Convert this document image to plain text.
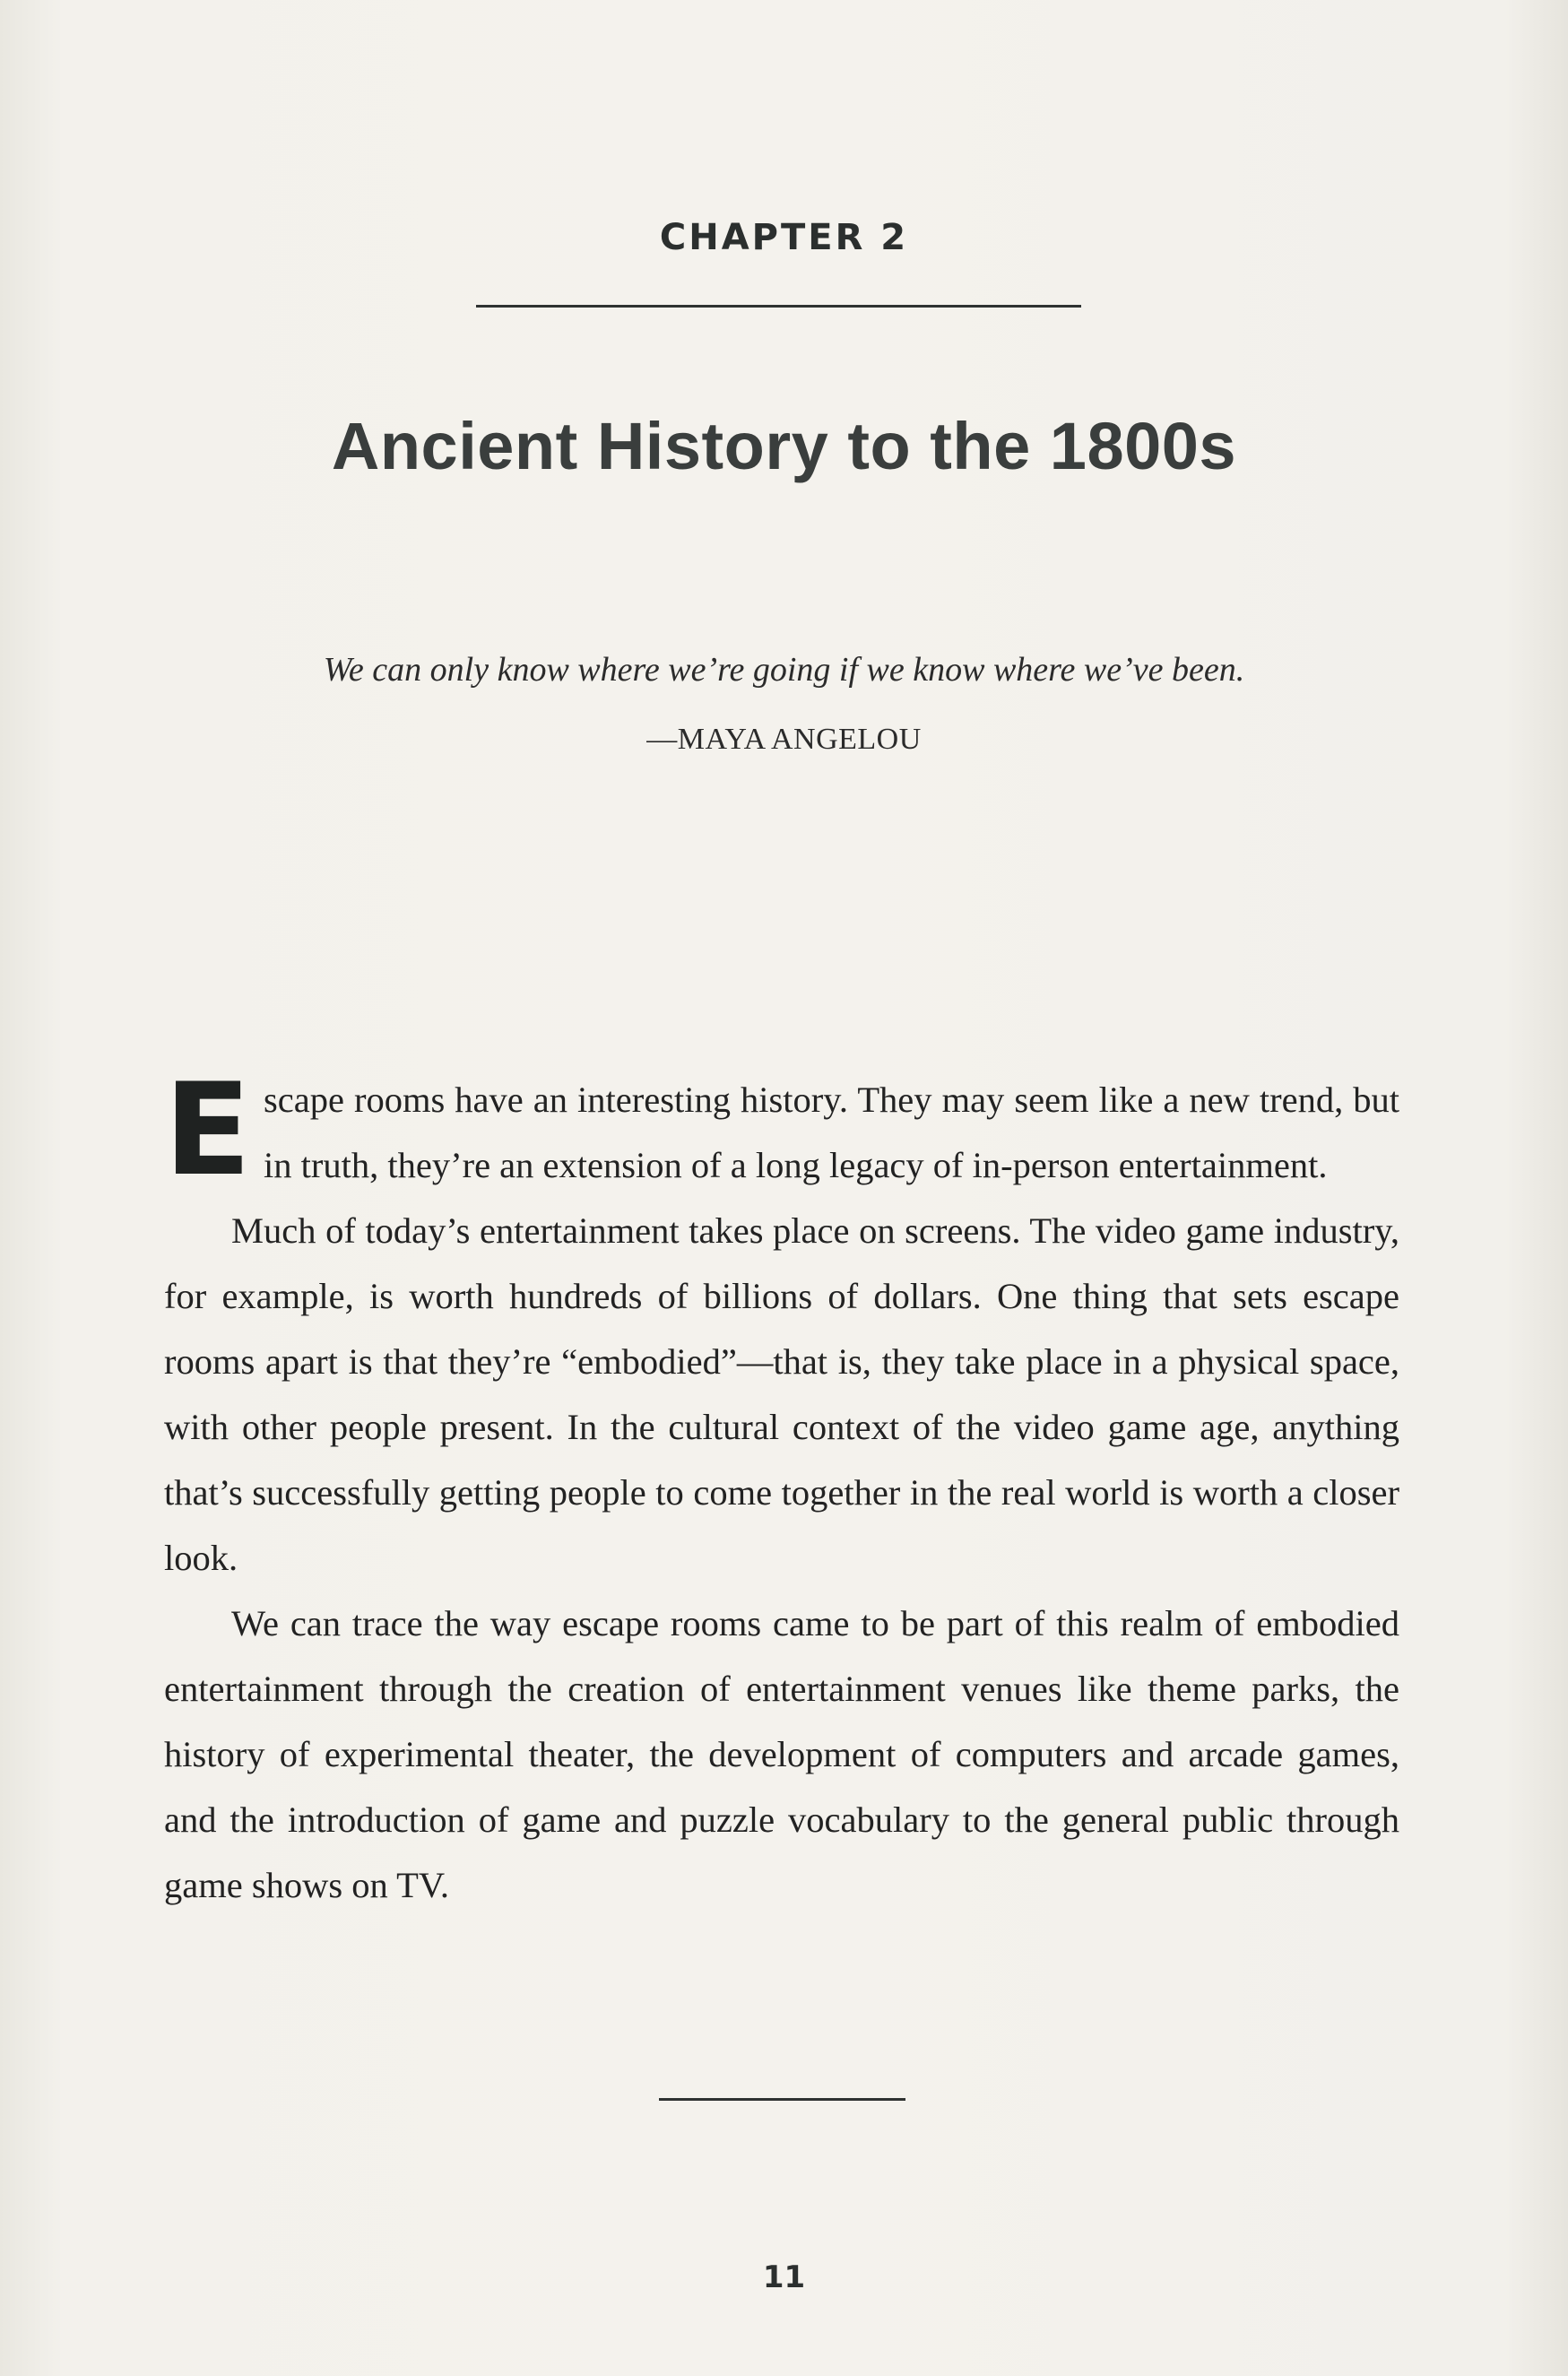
CHAPTER 2
Ancient History to the 1800s
We can only know where we’re going if we know where we’ve been.
—MAYA ANGELOU

Escape rooms have an interesting history. They may seem like a new trend, but in truth, they’re an extension of a long legacy of in-person entertainment.

Much of today’s entertainment takes place on screens. The video game industry, for example, is worth hundreds of billions of dollars. One thing that sets escape rooms apart is that they’re “embodied”—that is, they take place in a physical space, with other people present. In the cultural context of the video game age, anything that’s successfully getting people to come together in the real world is worth a closer look.

We can trace the way escape rooms came to be part of this realm of embodied entertainment through the creation of entertainment venues like theme parks, the history of experimental theater, the development of computers and arcade games, and the introduction of game and puzzle vocabulary to the general public through game shows on TV.

11
